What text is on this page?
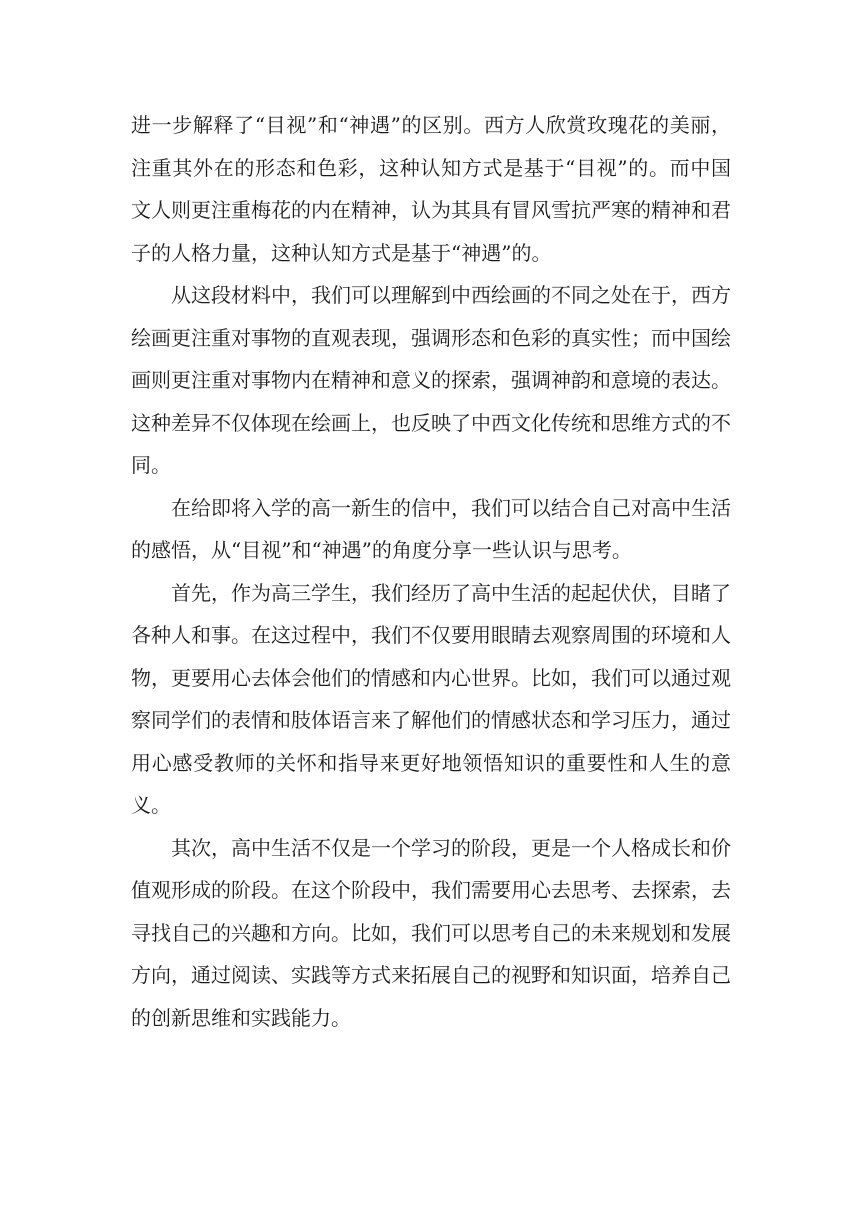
进一步解释了“目视”和“神遇”的区别。西方人欣赏玫瑰花的美丽，
注重其外在的形态和色彩，这种认知方式是基于“目视”的。而中国
文人则更注重梅花的内在精神，认为其具有冒风雪抗严寒的精神和君
子的人格力量，这种认知方式是基于“神遇”的。
从这段材料中，我们可以理解到中西绘画的不同之处在于，西方
绘画更注重对事物的直观表现，强调形态和色彩的真实性；而中国绘
画则更注重对事物内在精神和意义的探索，强调神韵和意境的表达。
这种差异不仅体现在绘画上，也反映了中西文化传统和思维方式的不
同。
在给即将入学的高一新生的信中，我们可以结合自己对高中生活
的感悟，从“目视”和“神遇”的角度分享一些认识与思考。
首先，作为高三学生，我们经历了高中生活的起起伏伏，目睹了
各种人和事。在这过程中，我们不仅要用眼睛去观察周围的环境和人
物，更要用心去体会他们的情感和内心世界。比如，我们可以通过观
察同学们的表情和肢体语言来了解他们的情感状态和学习压力，通过
用心感受教师的关怀和指导来更好地领悟知识的重要性和人生的意
义。
其次，高中生活不仅是一个学习的阶段，更是一个人格成长和价
值观形成的阶段。在这个阶段中，我们需要用心去思考、去探索，去
寻找自己的兴趣和方向。比如，我们可以思考自己的未来规划和发展
方向，通过阅读、实践等方式来拓展自己的视野和知识面，培养自己
的创新思维和实践能力。
